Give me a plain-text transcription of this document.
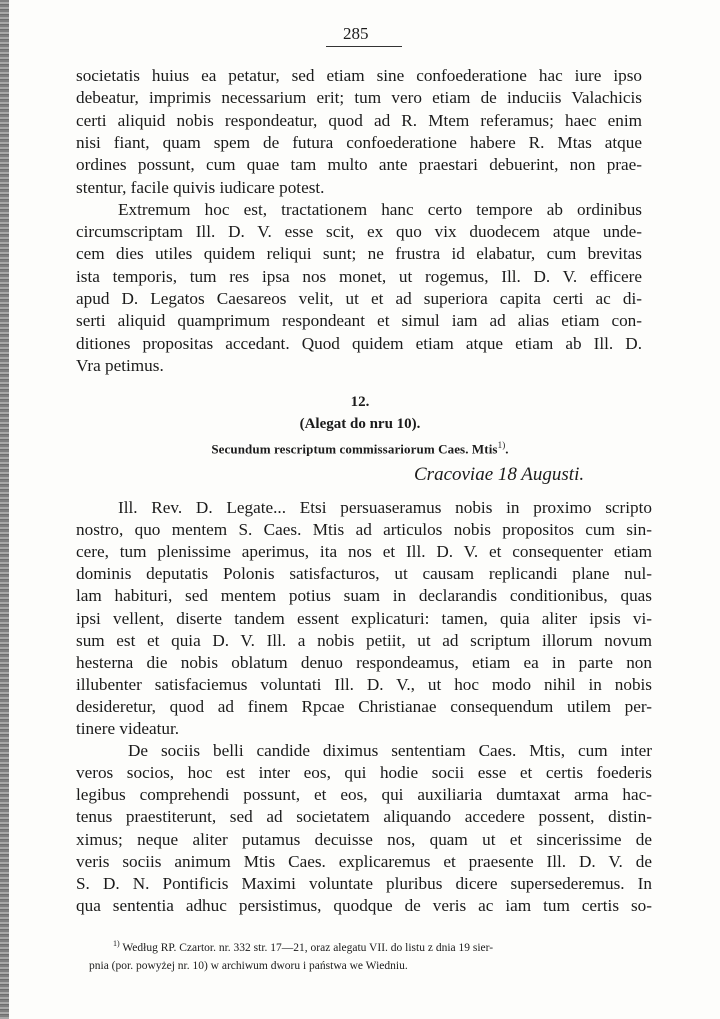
285
societatis huius ea petatur, sed etiam sine confoederatione hac iure ipso
debeatur, imprimis necessarium erit; tum vero etiam de induciis Valachicis
certi aliquid nobis respondeatur, quod ad R. Mtem referamus; haec enim
nisi fiant, quam spem de futura confoederatione habere R. Mtas atque
ordines possunt, cum quae tam multo ante praestari debuerint, non prae-
stentur, facile quivis iudicare potest.
Extremum hoc est, tractationem hanc certo tempore ab ordinibus
circumscriptam Ill. D. V. esse scit, ex quo vix duodecem atque unde-
cem dies utiles quidem reliqui sunt; ne frustra id elabatur, cum brevitas
ista temporis, tum res ipsa nos monet, ut rogemus, Ill. D. V. efficere
apud D. Legatos Caesareos velit, ut et ad superiora capita certi ac di-
serti aliquid quamprimum respondeant et simul iam ad alias etiam con-
ditiones propositas accedant. Quod quidem etiam atque etiam ab Ill. D.
Vra petimus.
12.
(Alegat do nru 10).
Secundum rescriptum commissariorum Caes. Mtis$^{1)}$.
Cracoviae 18 Augusti.
Ill. Rev. D. Legate... Etsi persuaseramus nobis in proximo scripto
nostro, quo mentem S. Caes. Mtis ad articulos nobis propositos cum sin-
cere, tum plenissime aperimus, ita nos et Ill. D. V. et consequenter etiam
dominis deputatis Polonis satisfacturos, ut causam replicandi plane nul-
lam habituri, sed mentem potius suam in declarandis conditionibus, quas
ipsi vellent, diserte tandem essent explicaturi: tamen, quia aliter ipsis vi-
sum est et quia D. V. Ill. a nobis petiit, ut ad scriptum illorum novum
hesterna die nobis oblatum denuo respondeamus, etiam ea in parte non
illubenter satisfaciemus voluntati Ill. D. V., ut hoc modo nihil in nobis
desideretur, quod ad finem Rpcae Christianae consequendum utilem per-
tinere videatur.
De sociis belli candide diximus sententiam Caes. Mtis, cum inter
veros socios, hoc est inter eos, qui hodie socii esse et certis foederis
legibus comprehendi possunt, et eos, qui auxiliaria dumtaxat arma hac-
tenus praestiterunt, sed ad societatem aliquando accedere possent, distin-
ximus; neque aliter putamus decuisse nos, quam ut et sincerissime de
veris sociis animum Mtis Caes. explicaremus et praesente Ill. D. V. de
S. D. N. Pontificis Maximi voluntate pluribus dicere supersederemus. In
qua sententia adhuc persistimus, quodque de veris ac iam tum certis so-
$^{1)}$ Według RP. Czartor. nr. 332 str. 17—21, oraz alegatu VII. do listu z dnia 19 sier-
pnia (por. powyżej nr. 10) w archiwum dworu i państwa we Wiedniu.
